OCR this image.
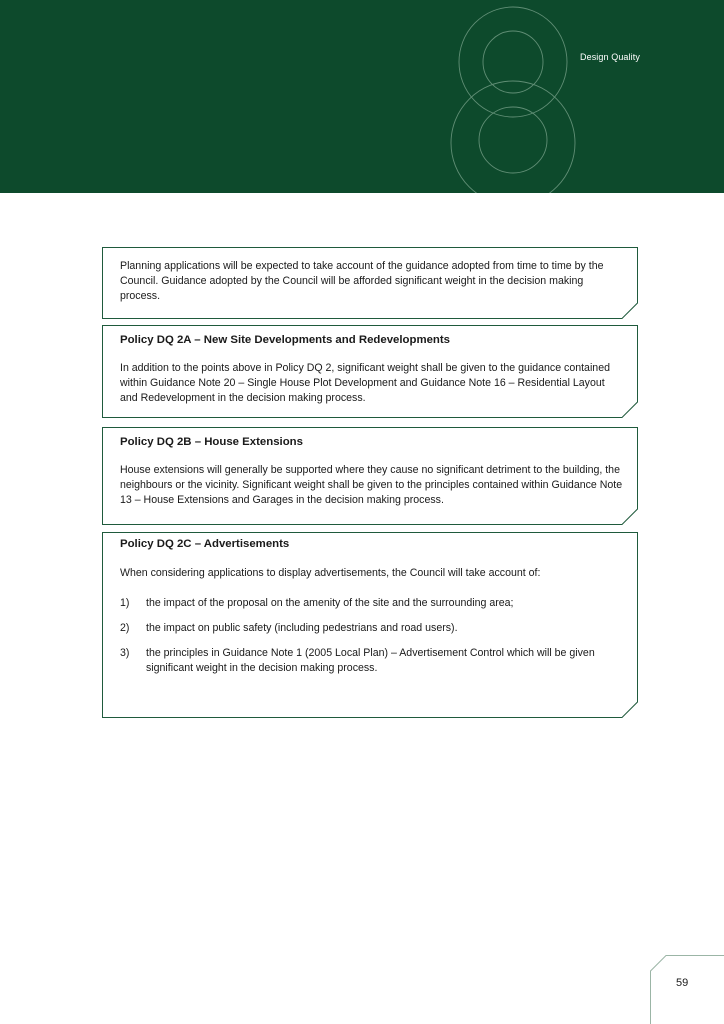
Design Quality

Planning applications will be expected to take account of the guidance adopted from time to time by the Council. Guidance adopted by the Council will be afforded significant weight in the decision making process.

Policy DQ 2A – New Site Developments and Redevelopments

In addition to the points above in Policy DQ 2, significant weight shall be given to the guidance contained within Guidance Note 20 – Single House Plot Development and Guidance Note 16 – Residential Layout and Redevelopment in the decision making process.

Policy DQ 2B – House Extensions

House extensions will generally be supported where they cause no significant detriment to the building, the neighbours or the vicinity. Significant weight shall be given to the principles contained within Guidance Note 13 – House Extensions and Garages in the decision making process.

Policy DQ 2C – Advertisements

When considering applications to display advertisements, the Council will take account of:

1)	the impact of the proposal on the amenity of the site and the surrounding area;
2)	the impact on public safety (including pedestrians and road users).
3)	the principles in Guidance Note 1 (2005 Local Plan) – Advertisement Control which will be given significant weight in the decision making process.
59
